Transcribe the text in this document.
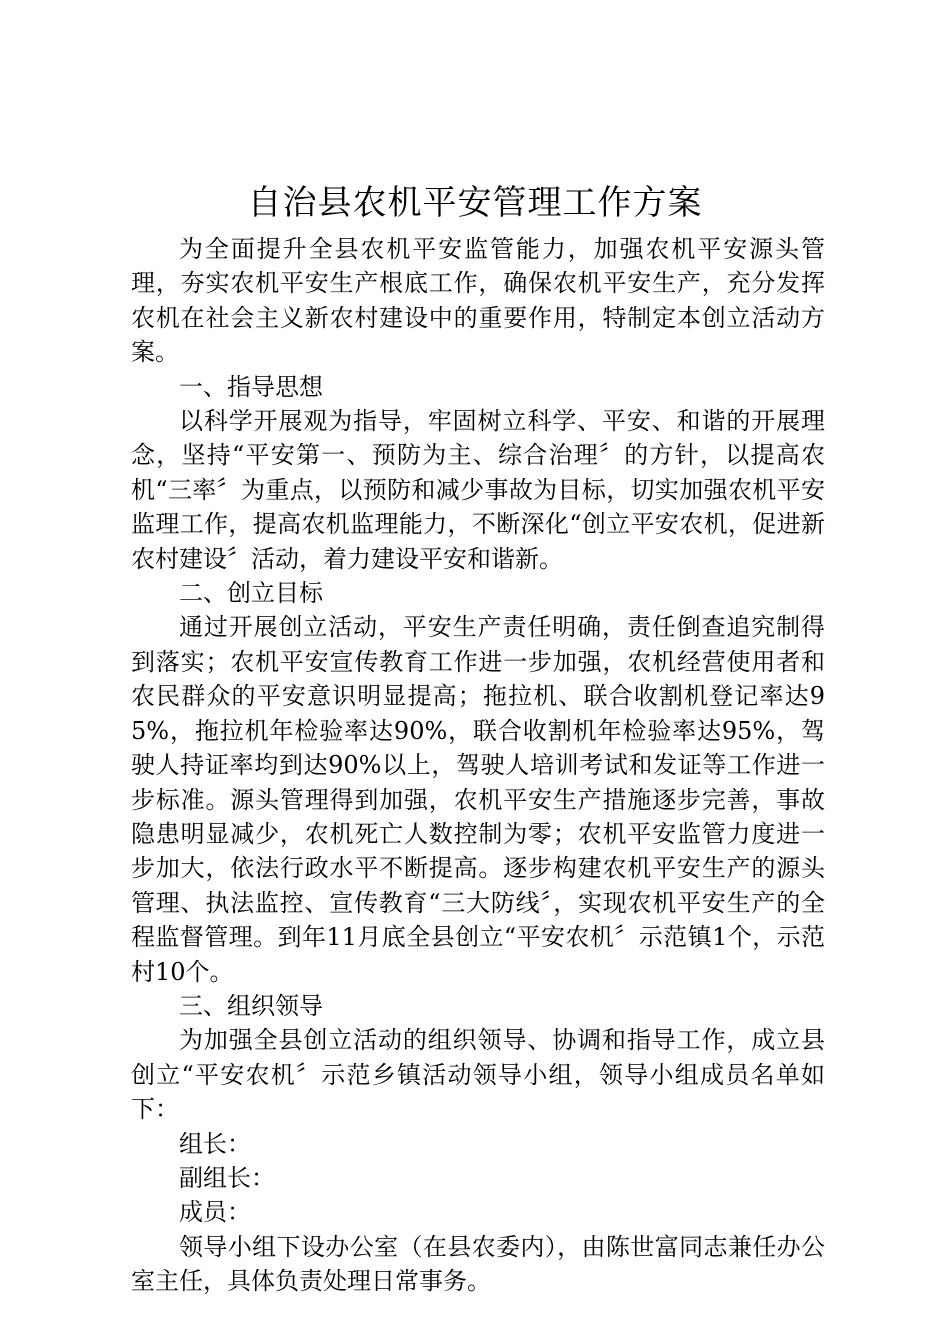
自治县农机平安管理工作方案

为全面提升全县农机平安监管能力，加强农机平安源头管理，夯实农机平安生产根底工作，确保农机平安生产，充分发挥农机在社会主义新农村建设中的重要作用，特制定本创立活动方案。

一、指导思想

以科学开展观为指导，牢固树立科学、平安、和谐的开展理念，坚持“平安第一、预防为主、综合治理〞的方针，以提高农机“三率〞为重点，以预防和减少事故为目标，切实加强农机平安监理工作，提高农机监理能力，不断深化“创立平安农机，促进新农村建设〞活动，着力建设平安和谐新。

二、创立目标

通过开展创立活动，平安生产责任明确，责任倒查追究制得到落实；农机平安宣传教育工作进一步加强，农机经营使用者和农民群众的平安意识明显提高；拖拉机、联合收割机登记率达95%，拖拉机年检验率达90%，联合收割机年检验率达95%，驾驶人持证率均到达90%以上，驾驶人培训考试和发证等工作进一步标准。源头管理得到加强，农机平安生产措施逐步完善，事故隐患明显减少，农机死亡人数控制为零；农机平安监管力度进一步加大，依法行政水平不断提高。逐步构建农机平安生产的源头管理、执法监控、宣传教育“三大防线〞，实现农机平安生产的全程监督管理。到年11月底全县创立“平安农机〞示范镇1个，示范村10个。

三、组织领导

为加强全县创立活动的组织领导、协调和指导工作，成立县创立“平安农机〞示范乡镇活动领导小组，领导小组成员名单如下：

组长：

副组长：

成员：

领导小组下设办公室（在县农委内），由陈世富同志兼任办公室主任，具体负责处理日常事务。
